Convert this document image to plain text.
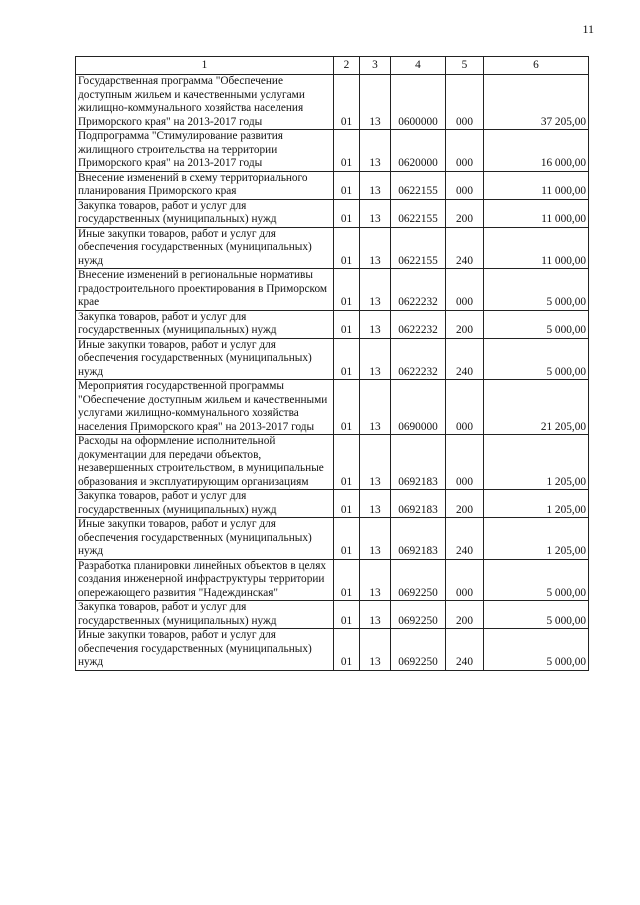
11
1	2	3	4	5	6
Государственная программа "Обеспечение доступным жильем и качественными услугами жилищно-коммунального хозяйства населения Приморского края" на 2013-2017 годы	01	13	0600000	000	37 205,00
Подпрограмма "Стимулирование развития жилищного строительства на территории Приморского края" на 2013-2017 годы	01	13	0620000	000	16 000,00
Внесение изменений в схему территориального планирования Приморского края	01	13	0622155	000	11 000,00
Закупка товаров, работ и услуг для государственных (муниципальных) нужд	01	13	0622155	200	11 000,00
Иные закупки товаров, работ и услуг для обеспечения государственных (муниципальных) нужд	01	13	0622155	240	11 000,00
Внесение изменений в региональные нормативы градостроительного проектирования в Приморском крае	01	13	0622232	000	5 000,00
Закупка товаров, работ и услуг для государственных (муниципальных) нужд	01	13	0622232	200	5 000,00
Иные закупки товаров, работ и услуг для обеспечения государственных (муниципальных) нужд	01	13	0622232	240	5 000,00
Мероприятия государственной программы "Обеспечение доступным жильем и качественными услугами жилищно-коммунального хозяйства населения Приморского края" на 2013-2017 годы	01	13	0690000	000	21 205,00
Расходы на оформление исполнительной документации для передачи объектов, незавершенных строительством, в муниципальные образования и эксплуатирующим организациям	01	13	0692183	000	1 205,00
Закупка товаров, работ и услуг для государственных (муниципальных) нужд	01	13	0692183	200	1 205,00
Иные закупки товаров, работ и услуг для обеспечения государственных (муниципальных) нужд	01	13	0692183	240	1 205,00
Разработка планировки линейных объектов в целях создания инженерной инфраструктуры территории опережающего развития "Надеждинская"	01	13	0692250	000	5 000,00
Закупка товаров, работ и услуг для государственных (муниципальных) нужд	01	13	0692250	200	5 000,00
Иные закупки товаров, работ и услуг для обеспечения государственных (муниципальных) нужд	01	13	0692250	240	5 000,00
